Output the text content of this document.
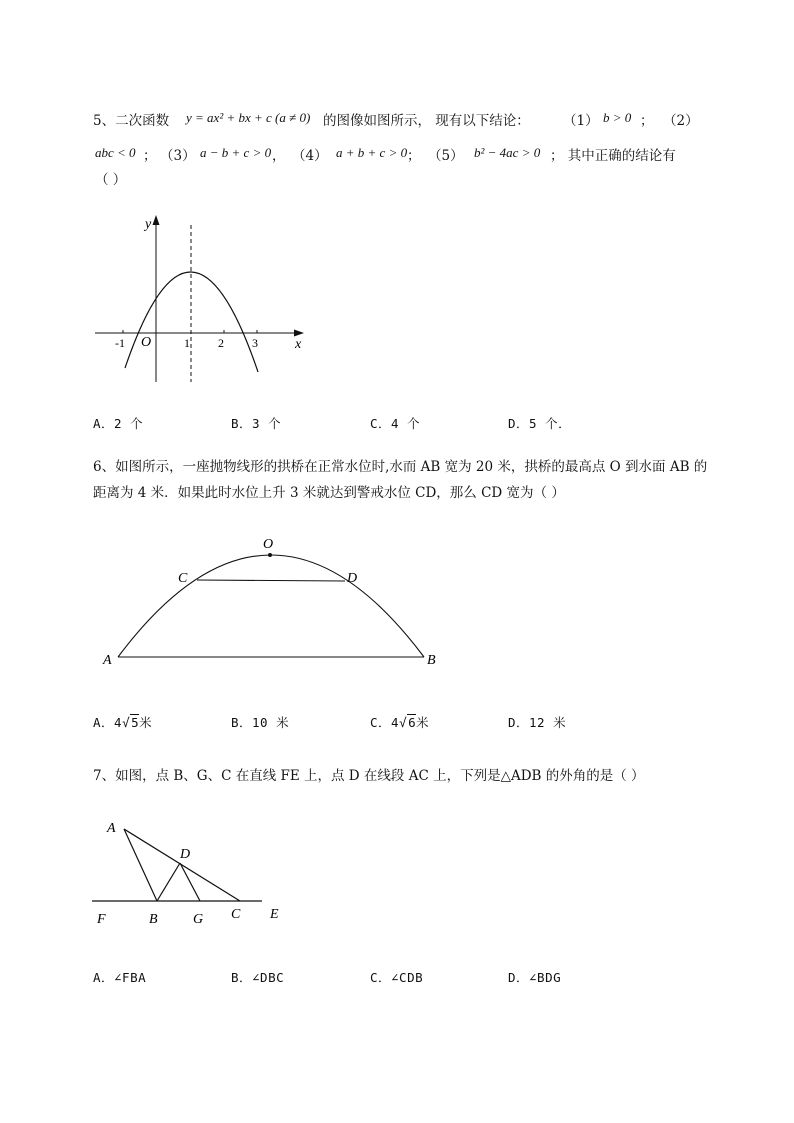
5、二次函数 y = ax² + bx + c (a ≠ 0) 的图像如图所示， 现有以下结论： （1） b > 0 ； （2）
abc < 0 ； （3） a − b + c > 0 ， （4） a + b + c > 0 ； （5） b² − 4ac > 0 ； 其中正确的结论有
（ ）
y
x
O
-1	1 2 3
A．2 个	B．3 个	C．4 个	D．5 个．
6、如图所示，一座抛物线形的拱桥在正常水位时,水而 AB 宽为 20 米，拱桥的最高点 O 到水面 AB 的
距离为 4 米．如果此时水位上升 3 米就达到警戒水位 CD，那么 CD 宽为（ ）
A	B
C	D
O
A．4√5米	B．10 米	C．4√6米	D．12 米
7、如图，点 B、G、C 在直线 FE 上，点 D 在线段 AC 上，下列是△ADB 的外角的是（ ）
A
D
F	B	G C E
A．∠FBA	B．∠DBC	C．∠CDB	D．∠BDG
